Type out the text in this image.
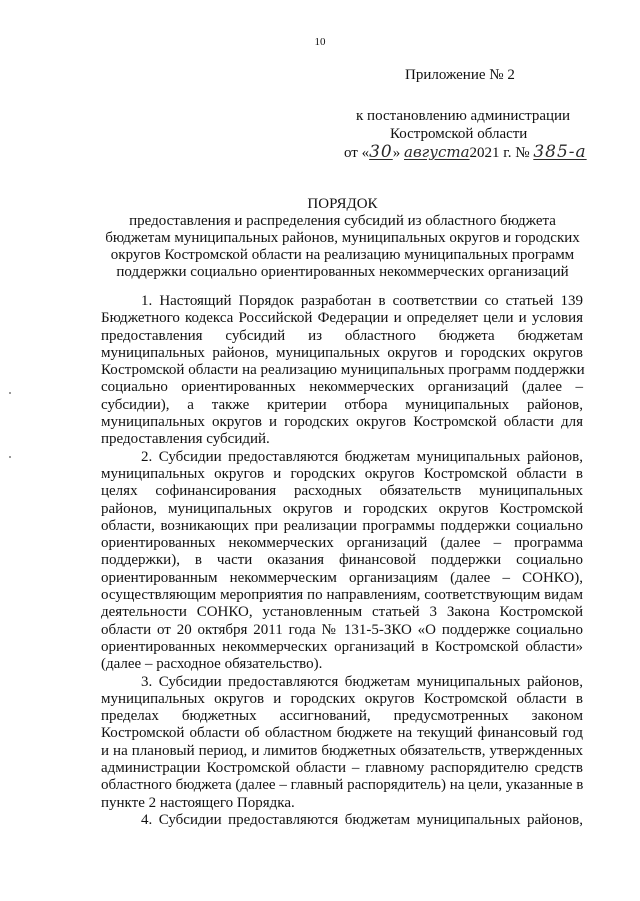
10
Приложение № 2
к постановлению администрации
Костромской области
от «30» августа2021 г. № 385-а
ПОРЯДОК
предоставления и распределения субсидий из областного бюджета
бюджетам муниципальных районов, муниципальных округов и городских
округов Костромской области на реализацию муниципальных программ
поддержки социально ориентированных некоммерческих организаций
1. Настоящий Порядок разработан в соответствии со статьей 139
Бюджетного кодекса Российской Федерации и определяет цели и условия
предоставления субсидий из областного бюджета бюджетам
муниципальных районов, муниципальных округов и городских округов
Костромской области на реализацию муниципальных программ поддержки
социально ориентированных некоммерческих организаций (далее –
субсидии), а также критерии отбора муниципальных районов,
муниципальных округов и городских округов Костромской области для
предоставления субсидий.
2. Субсидии предоставляются бюджетам муниципальных районов,
муниципальных округов и городских округов Костромской области в
целях софинансирования расходных обязательств муниципальных
районов, муниципальных округов и городских округов Костромской
области, возникающих при реализации программы поддержки социально
ориентированных некоммерческих организаций (далее – программа
поддержки), в части оказания финансовой поддержки социально
ориентированным некоммерческим организациям (далее – СОНКО),
осуществляющим мероприятия по направлениям, соответствующим видам
деятельности СОНКО, установленным статьей 3 Закона Костромской
области от 20 октября 2011 года № 131-5-ЗКО «О поддержке социально
ориентированных некоммерческих организаций в Костромской области»
(далее – расходное обязательство).
3. Субсидии предоставляются бюджетам муниципальных районов,
муниципальных округов и городских округов Костромской области в
пределах бюджетных ассигнований, предусмотренных законом
Костромской области об областном бюджете на текущий финансовый год
и на плановый период, и лимитов бюджетных обязательств, утвержденных
администрации Костромской области – главному распорядителю средств
областного бюджета (далее – главный распорядитель) на цели, указанные в
пункте 2 настоящего Порядка.
4. Субсидии предоставляются бюджетам муниципальных районов,
